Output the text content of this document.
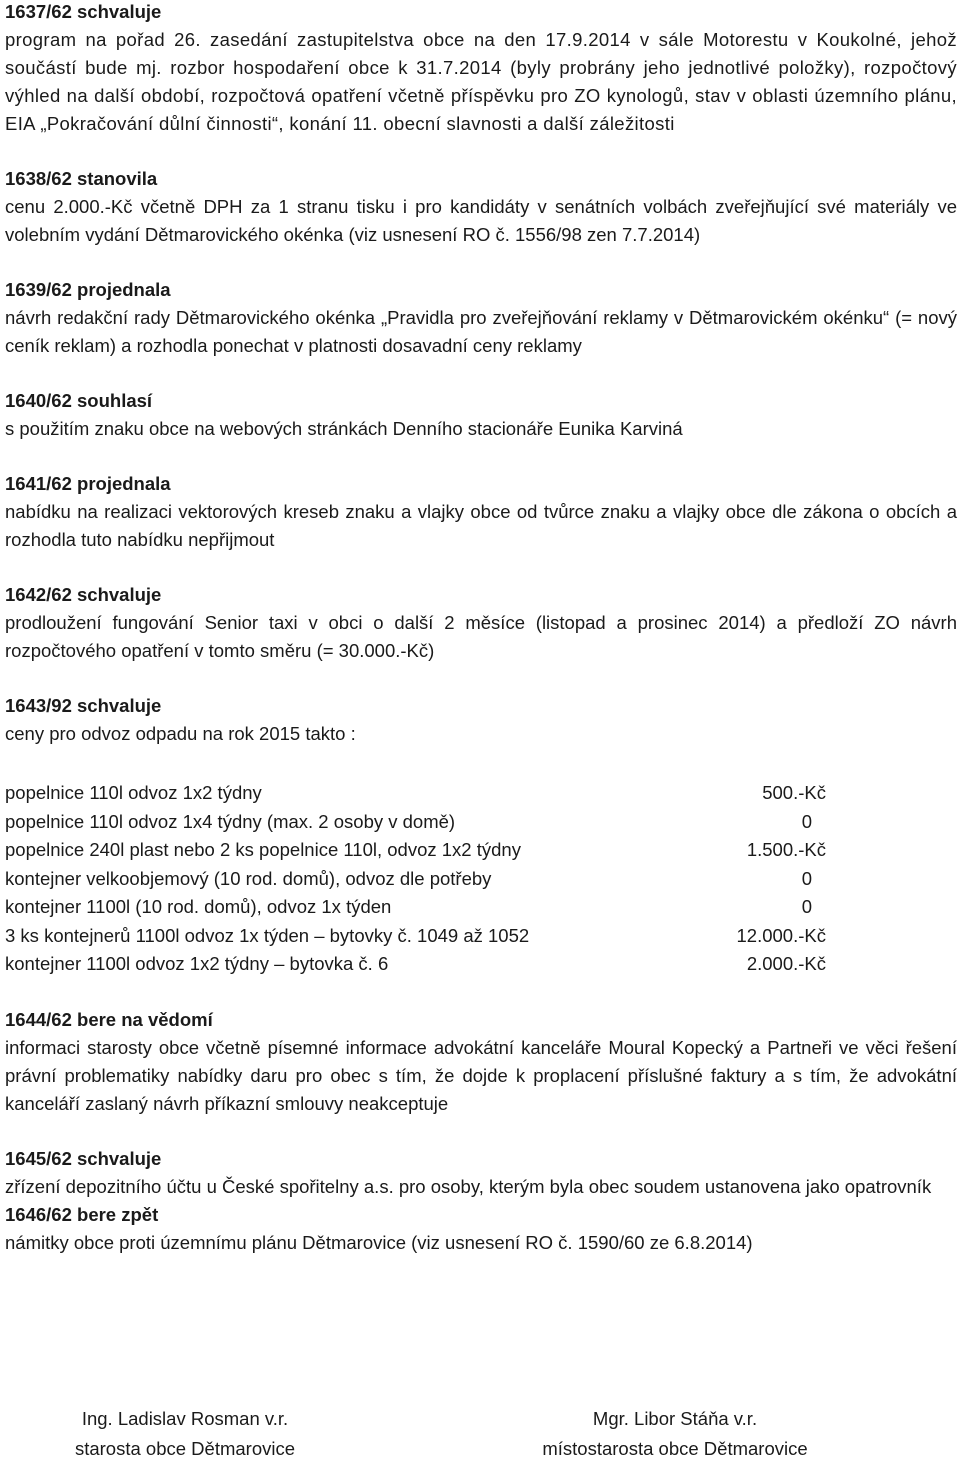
1637/62 schvaluje

program na pořad 26. zasedání zastupitelstva obce na den 17.9.2014 v sále Motorestu v Koukolné, jehož součástí bude mj. rozbor hospodaření obce k 31.7.2014 (byly probrány jeho jednotlivé položky), rozpočtový výhled na další období, rozpočtová opatření včetně příspěvku pro ZO kynologů, stav v oblasti územního plánu, EIA „Pokračování důlní činnosti“, konání 11. obecní slavnosti a další záležitosti

1638/62 stanovila

cenu 2.000.-Kč včetně DPH za 1 stranu tisku i pro kandidáty v senátních volbách zveřejňující své materiály ve volebním vydání Dětmarovického okénka (viz usnesení RO č. 1556/98 zen 7.7.2014)

1639/62 projednala

návrh redakční rady Dětmarovického okénka „Pravidla pro zveřejňování reklamy v Dětmarovickém okénku“ (= nový ceník reklam) a rozhodla ponechat v platnosti dosavadní ceny reklamy

1640/62 souhlasí

s použitím znaku obce na webových stránkách Denního stacionáře Eunika Karviná

1641/62 projednala

nabídku na realizaci vektorových kreseb znaku a vlajky obce od tvůrce znaku a vlajky obce dle zákona o obcích a rozhodla tuto nabídku nepřijmout

1642/62 schvaluje

prodloužení fungování Senior taxi v obci o další 2 měsíce (listopad a prosinec 2014) a předloží ZO návrh rozpočtového opatření v tomto směru (= 30.000.-Kč)

1643/92 schvaluje

ceny pro odvoz odpadu na rok 2015 takto :

popelnice 110l odvoz 1x2 týdny	500.-Kč
popelnice 110l odvoz 1x4 týdny (max. 2 osoby v domě)	0
popelnice 240l plast nebo 2 ks popelnice 110l, odvoz 1x2 týdny	1.500.-Kč
kontejner velkoobjemový (10 rod. domů), odvoz dle potřeby	0
kontejner 1100l (10 rod. domů), odvoz 1x týden	0
3 ks kontejnerů 1100l odvoz 1x týden – bytovky č. 1049 až 1052	12.000.-Kč
kontejner 1100l odvoz 1x2 týdny – bytovka č. 6	2.000.-Kč
1644/62 bere na vědomí

informaci starosty obce včetně písemné informace advokátní kanceláře Moural Kopecký a Partneři ve věci řešení právní problematiky nabídky daru pro obec s tím, že dojde k proplacení příslušné faktury a s tím, že advokátní kanceláří zaslaný návrh příkazní smlouvy neakceptuje

1645/62 schvaluje

zřízení depozitního účtu u České spořitelny a.s. pro osoby, kterým byla obec soudem ustanovena jako opatrovník

1646/62 bere zpět

námitky obce proti územnímu plánu Dětmarovice (viz usnesení RO č. 1590/60 ze 6.8.2014)

Ing. Ladislav Rosman v.r.
starosta obce Dětmarovice
Mgr. Libor Stáňa v.r.
místostarosta obce Dětmarovice
